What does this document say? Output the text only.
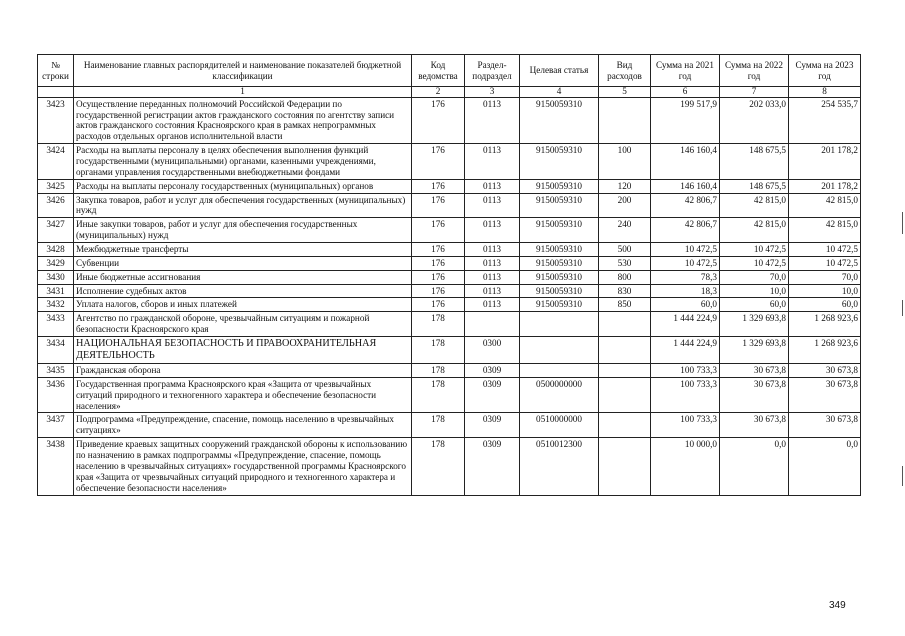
№ строки	Наименование главных распорядителей и наименование показателей бюджетной классификации	Код ведомства	Раздел-подраздел	Целевая статья	Вид расходов	Сумма на 2021 год	Сумма на 2022 год	Сумма на 2023 год
	1	2	3	4	5	6	7	8
3423	Осуществление переданных полномочий Российской Федерации по государственной регистрации актов гражданского состояния по агентству записи актов гражданского состояния Красноярского края в рамках непрограммных расходов отдельных органов исполнительной власти	176	0113	9150059310		199 517,9	202 033,0	254 535,7
3424	Расходы на выплаты персоналу в целях обеспечения выполнения функций государственными (муниципальными) органами, казенными учреждениями, органами управления государственными внебюджетными фондами	176	0113	9150059310	100	146 160,4	148 675,5	201 178,2
3425	Расходы на выплаты персоналу государственных (муниципальных) органов	176	0113	9150059310	120	146 160,4	148 675,5	201 178,2
3426	Закупка товаров, работ и услуг для обеспечения государственных (муниципальных) нужд	176	0113	9150059310	200	42 806,7	42 815,0	42 815,0
3427	Иные закупки товаров, работ и услуг для обеспечения государственных (муниципальных) нужд	176	0113	9150059310	240	42 806,7	42 815,0	42 815,0
3428	Межбюджетные трансферты	176	0113	9150059310	500	10 472,5	10 472,5	10 472,5
3429	Субвенции	176	0113	9150059310	530	10 472,5	10 472,5	10 472,5
3430	Иные бюджетные ассигнования	176	0113	9150059310	800	78,3	70,0	70,0
3431	Исполнение судебных актов	176	0113	9150059310	830	18,3	10,0	10,0
3432	Уплата налогов, сборов и иных платежей	176	0113	9150059310	850	60,0	60,0	60,0
3433	Агентство по гражданской обороне, чрезвычайным ситуациям и пожарной безопасности Красноярского края	178				1 444 224,9	1 329 693,8	1 268 923,6
3434	НАЦИОНАЛЬНАЯ БЕЗОПАСНОСТЬ И ПРАВООХРАНИТЕЛЬНАЯ ДЕЯТЕЛЬНОСТЬ	178	0300			1 444 224,9	1 329 693,8	1 268 923,6
3435	Гражданская оборона	178	0309			100 733,3	30 673,8	30 673,8
3436	Государственная программа Красноярского края «Защита от чрезвычайных ситуаций природного и техногенного характера и обеспечение безопасности населения»	178	0309	0500000000		100 733,3	30 673,8	30 673,8
3437	Подпрограмма «Предупреждение, спасение, помощь населению в чрезвычайных ситуациях»	178	0309	0510000000		100 733,3	30 673,8	30 673,8
3438	Приведение краевых защитных сооружений гражданской обороны к использованию по назначению в рамках подпрограммы «Предупреждение, спасение, помощь населению в чрезвычайных ситуациях» государственной программы Красноярского края «Защита от чрезвычайных ситуаций природного и техногенного характера и обеспечение безопасности населения»	178	0309	0510012300		10 000,0	0,0	0,0
349
